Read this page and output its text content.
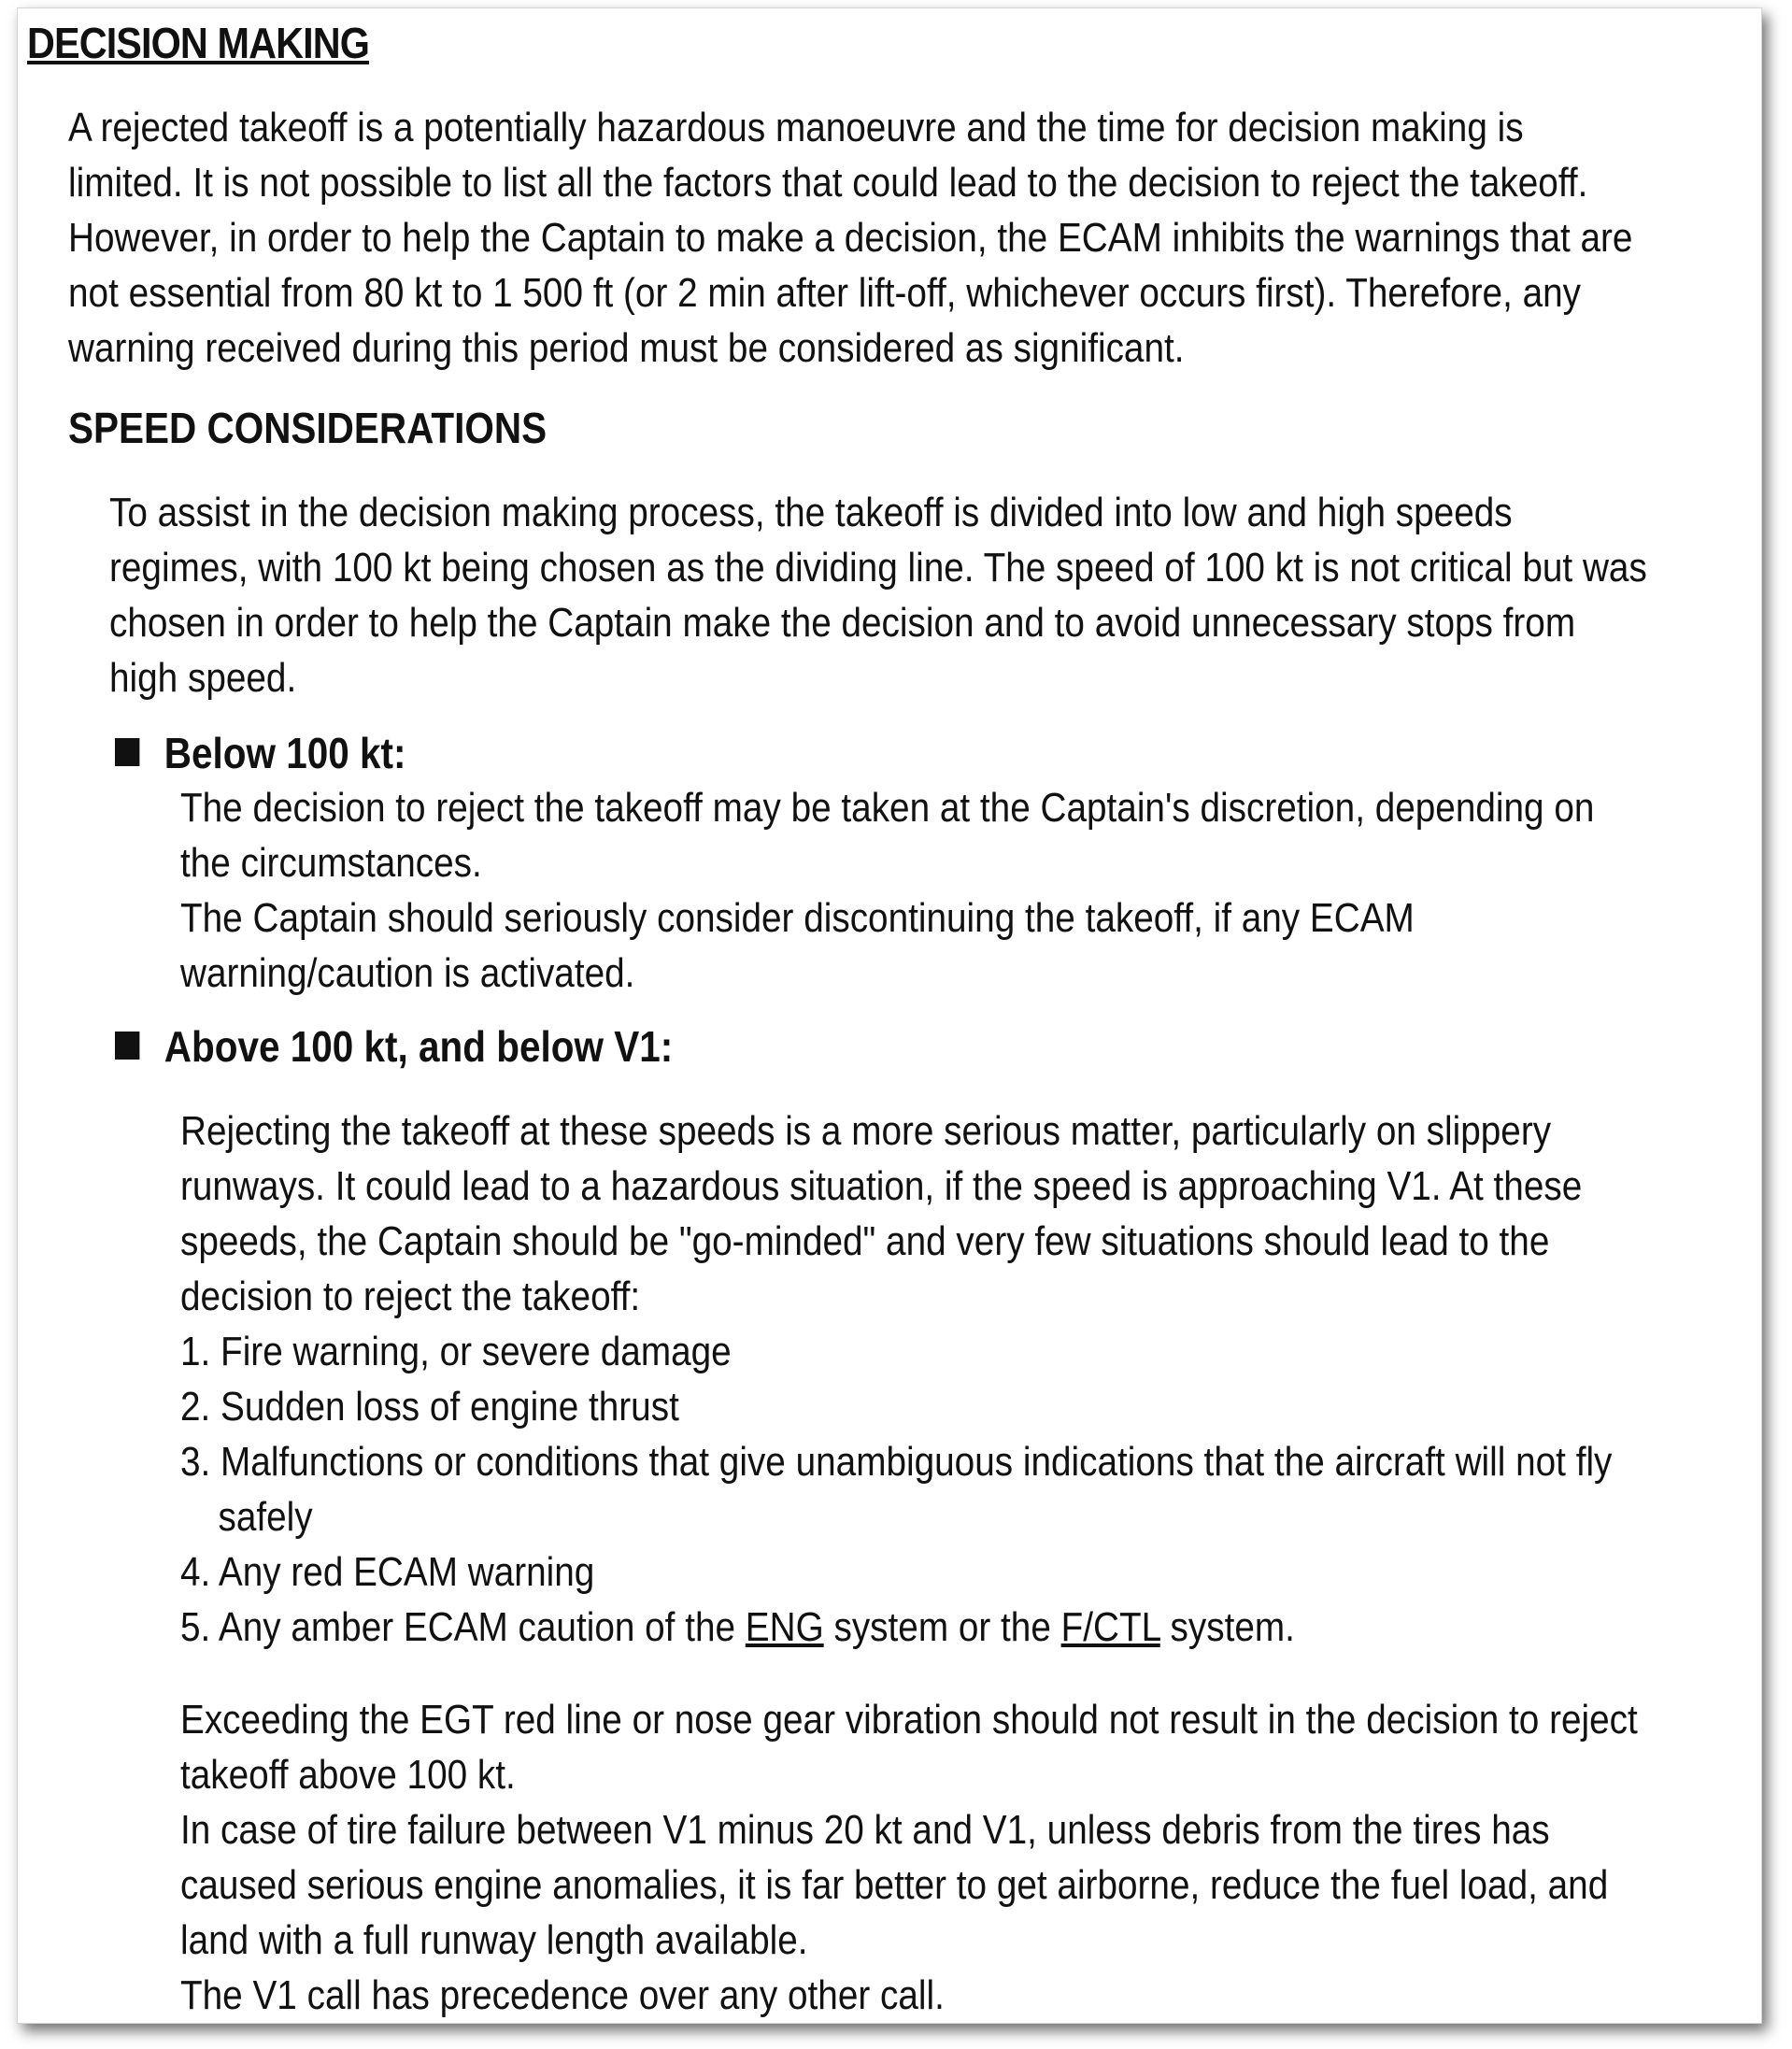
DECISION MAKING
A rejected takeoff is a potentially hazardous manoeuvre and the time for decision making is
limited. It is not possible to list all the factors that could lead to the decision to reject the takeoff.
However, in order to help the Captain to make a decision, the ECAM inhibits the warnings that are
not essential from 80 kt to 1 500 ft (or 2 min after lift-off, whichever occurs first). Therefore, any
warning received during this period must be considered as significant.
SPEED CONSIDERATIONS
To assist in the decision making process, the takeoff is divided into low and high speeds
regimes, with 100 kt being chosen as the dividing line. The speed of 100 kt is not critical but was
chosen in order to help the Captain make the decision and to avoid unnecessary stops from
high speed.
Below 100 kt:
The decision to reject the takeoff may be taken at the Captain's discretion, depending on
the circumstances.
The Captain should seriously consider discontinuing the takeoff, if any ECAM
warning/caution is activated.
Above 100 kt, and below V1:
Rejecting the takeoff at these speeds is a more serious matter, particularly on slippery
runways. It could lead to a hazardous situation, if the speed is approaching V1. At these
speeds, the Captain should be "go-minded" and very few situations should lead to the
decision to reject the takeoff:
1. Fire warning, or severe damage
2. Sudden loss of engine thrust
3. Malfunctions or conditions that give unambiguous indications that the aircraft will not fly
safely
4. Any red ECAM warning
5. Any amber ECAM caution of the ENG system or the F/CTL system.
Exceeding the EGT red line or nose gear vibration should not result in the decision to reject
takeoff above 100 kt.
In case of tire failure between V1 minus 20 kt and V1, unless debris from the tires has
caused serious engine anomalies, it is far better to get airborne, reduce the fuel load, and
land with a full runway length available.
The V1 call has precedence over any other call.
